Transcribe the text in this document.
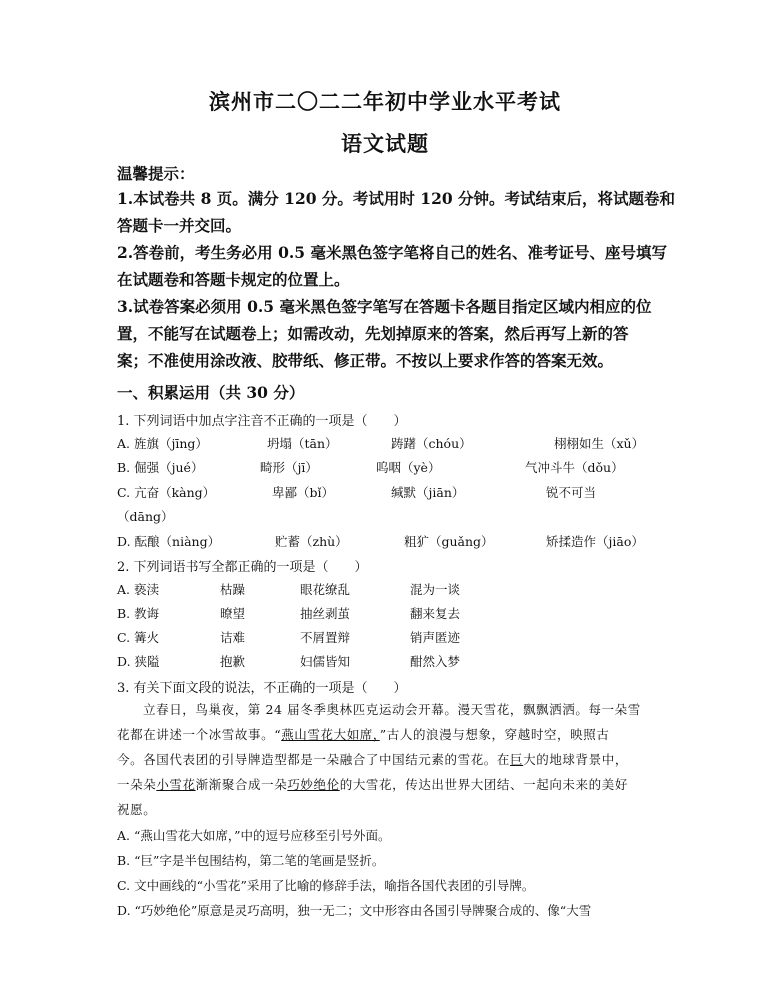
滨州市二〇二二年初中学业水平考试
语文试题
温馨提示：
1.本试卷共 8 页。满分 120 分。考试用时 120 分钟。考试结束后，将试题卷和
答题卡一并交回。
2.答卷前，考生务必用 0.5 毫米黑色签字笔将自己的姓名、准考证号、座号填写
在试题卷和答题卡规定的位置上。
3.试卷答案必须用 0.5 毫米黑色签字笔写在答题卡各题目指定区域内相应的位
置，不能写在试题卷上；如需改动，先划掉原来的答案，然后再写上新的答
案；不准使用涂改液、胶带纸、修正带。不按以上要求作答的答案无效。
一、积累运用（共 30 分）
1. 下列词语中加点字注音不正确的一项是（　　）
A. 旌旗（jīng）	坍塌（tān）	踌躇（chóu）	栩栩如生（xǔ）
B. 倔强（jué）	畸形（jī）	呜咽（yè）	气冲斗牛（dǒu）
C. 亢奋（kàng）	卑鄙（bǐ）	缄默（jiān）	锐不可当
（dāng）
D. 酝酿（niàng）	贮蓄（zhù）	粗犷（guǎng）	矫揉造作（jiāo）
2. 下列词语书写全都正确的一项是（　　）
A. 亵渎	枯躁	眼花缭乱	混为一谈
B. 教诲	暸望	抽丝剥茧	翻来复去
C. 篝火	诘难	不屑置辩	销声匿迹
D. 狭隘	抱歉	妇儒皆知	酣然入梦
3. 有关下面文段的说法，不正确的一项是（　　）
立春日，鸟巢夜，第 24 届冬季奥林匹克运动会开幕。漫天雪花，飘飘洒洒。每一朵雪
花都在讲述一个冰雪故事。“燕山雪花大如席，”古人的浪漫与想象，穿越时空，映照古
今。各国代表团的引导牌造型都是一朵融合了中国结元素的雪花。在巨大的地球背景中，
一朵朵小雪花渐渐聚合成一朵巧妙绝伦的大雪花，传达出世界大团结、一起向未来的美好
祝愿。
A. “燕山雪花大如席，”中的逗号应移至引号外面。
B. “巨”字是半包围结构，第二笔的笔画是竖折。
C. 文中画线的“小雪花”采用了比喻的修辞手法，喻指各国代表团的引导牌。
D. “巧妙绝伦”原意是灵巧高明，独一无二；文中形容由各国引导牌聚合成的、像“大雪
